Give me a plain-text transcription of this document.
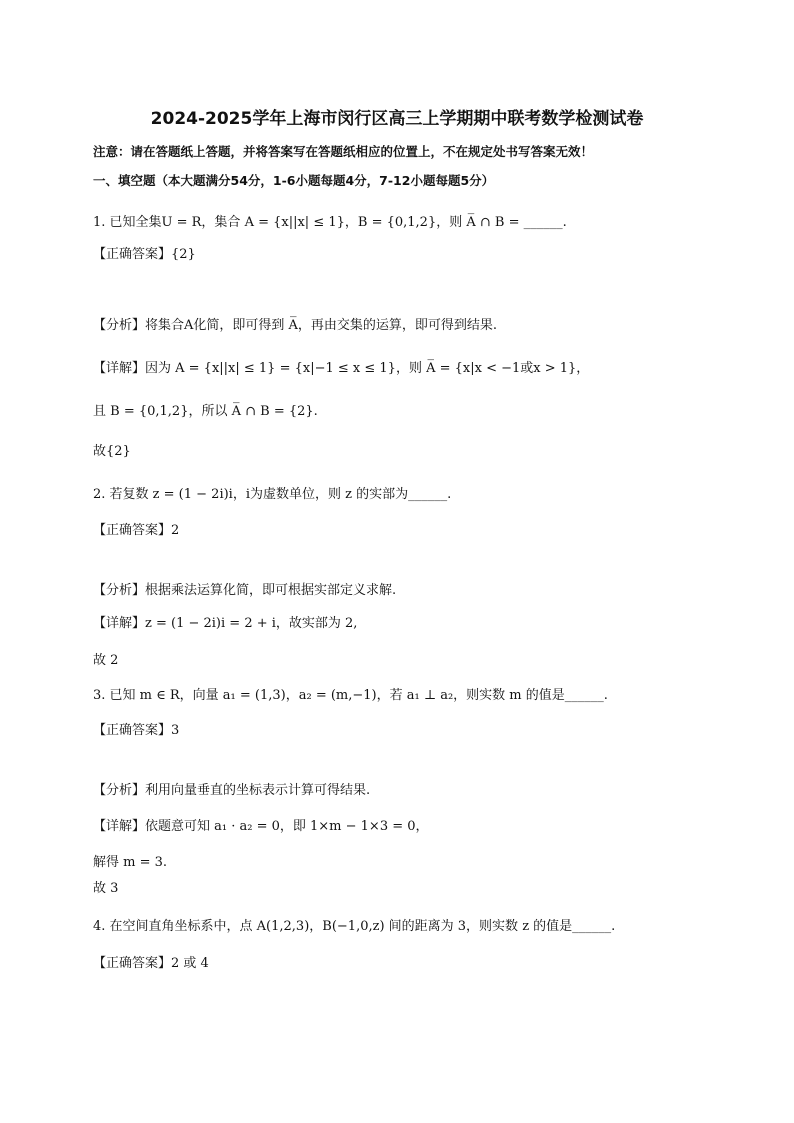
2024-2025学年上海市闵行区高三上学期期中联考数学检测试卷
注意：请在答题纸上答题，并将答案写在答题纸相应的位置上，不在规定处书写答案无效！
一、填空题（本大题满分54分，1-6小题每题4分，7-12小题每题5分）
1. 已知全集U = R，集合 A = {x||x| ≤ 1}，B = {0,1,2}，则 A̅ ∩ B = ______.
【正确答案】{2}
【分析】将集合A化简，即可得到 A̅，再由交集的运算，即可得到结果.
【详解】因为 A = {x||x| ≤ 1} = {x|−1 ≤ x ≤ 1}，则 A̅ = {x|x < −1或x > 1}，
且 B = {0,1,2}，所以 A̅ ∩ B = {2}.
故{2}
2. 若复数 z = (1 − 2i)i，i为虚数单位，则 z 的实部为______.
【正确答案】2
【分析】根据乘法运算化简，即可根据实部定义求解.
【详解】z = (1 − 2i)i = 2 + i，故实部为 2,
故 2
3. 已知 m ∈ R，向量 a₁ = (1,3)，a₂ = (m,−1)，若 a₁ ⊥ a₂，则实数 m 的值是______.
【正确答案】3
【分析】利用向量垂直的坐标表示计算可得结果.
【详解】依题意可知 a₁ · a₂ = 0，即 1×m − 1×3 = 0，
解得 m = 3.
故 3
4. 在空间直角坐标系中，点 A(1,2,3)，B(−1,0,z) 间的距离为 3，则实数 z 的值是______.
【正确答案】2 或 4
